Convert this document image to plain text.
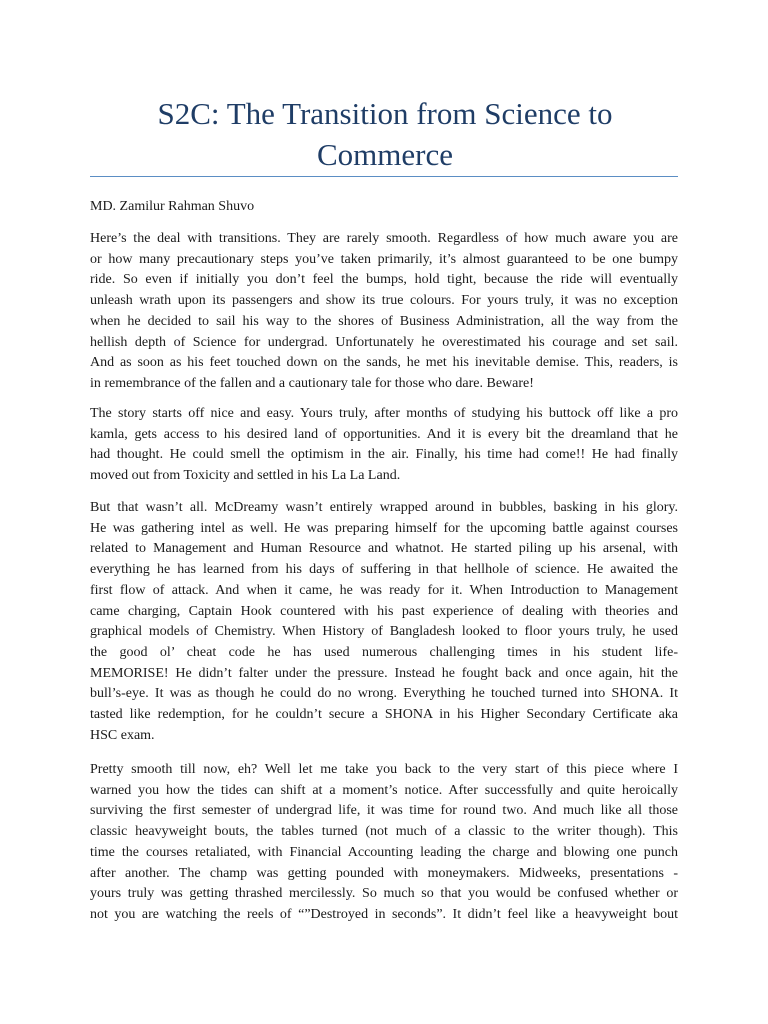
S2C: The Transition from Science to
Commerce

MD. Zamilur Rahman Shuvo

Here’s the deal with transitions. They are rarely smooth. Regardless of how much aware you are
or how many precautionary steps you’ve taken primarily, it’s almost guaranteed to be one bumpy
ride. So even if initially you don’t feel the bumps, hold tight, because the ride will eventually
unleash wrath upon its passengers and show its true colours. For yours truly, it was no exception
when he decided to sail his way to the shores of Business Administration, all the way from the
hellish depth of Science for undergrad. Unfortunately he overestimated his courage and set sail.
And as soon as his feet touched down on the sands, he met his inevitable demise. This, readers, is
in remembrance of the fallen and a cautionary tale for those who dare. Beware!
The story starts off nice and easy. Yours truly, after months of studying his buttock off like a pro
kamla, gets access to his desired land of opportunities. And it is every bit the dreamland that he
had thought. He could smell the optimism in the air. Finally, his time had come!! He had finally
moved out from Toxicity and settled in his La La Land.
But that wasn’t all. McDreamy wasn’t entirely wrapped around in bubbles, basking in his glory.
He was gathering intel as well. He was preparing himself for the upcoming battle against courses
related to Management and Human Resource and whatnot. He started piling up his arsenal, with
everything he has learned from his days of suffering in that hellhole of science. He awaited the
first flow of attack. And when it came, he was ready for it. When Introduction to Management
came charging, Captain Hook countered with his past experience of dealing with theories and
graphical models of Chemistry. When History of Bangladesh looked to floor yours truly, he used
the good ol’ cheat code he has used numerous challenging times in his student life-
MEMORISE! He didn’t falter under the pressure. Instead he fought back and once again, hit the
bull’s-eye. It was as though he could do no wrong. Everything he touched turned into SHONA. It
tasted like redemption, for he couldn’t secure a SHONA in his Higher Secondary Certificate aka
HSC exam.
Pretty smooth till now, eh? Well let me take you back to the very start of this piece where I
warned you how the tides can shift at a moment’s notice. After successfully and quite heroically
surviving the first semester of undergrad life, it was time for round two. And much like all those
classic heavyweight bouts, the tables turned (not much of a classic to the writer though). This
time the courses retaliated, with Financial Accounting leading the charge and blowing one punch
after another. The champ was getting pounded with moneymakers. Midweeks, presentations -
yours truly was getting thrashed mercilessly. So much so that you would be confused whether or
not you are watching the reels of “”Destroyed in seconds”. It didn’t feel like a heavyweight bout
